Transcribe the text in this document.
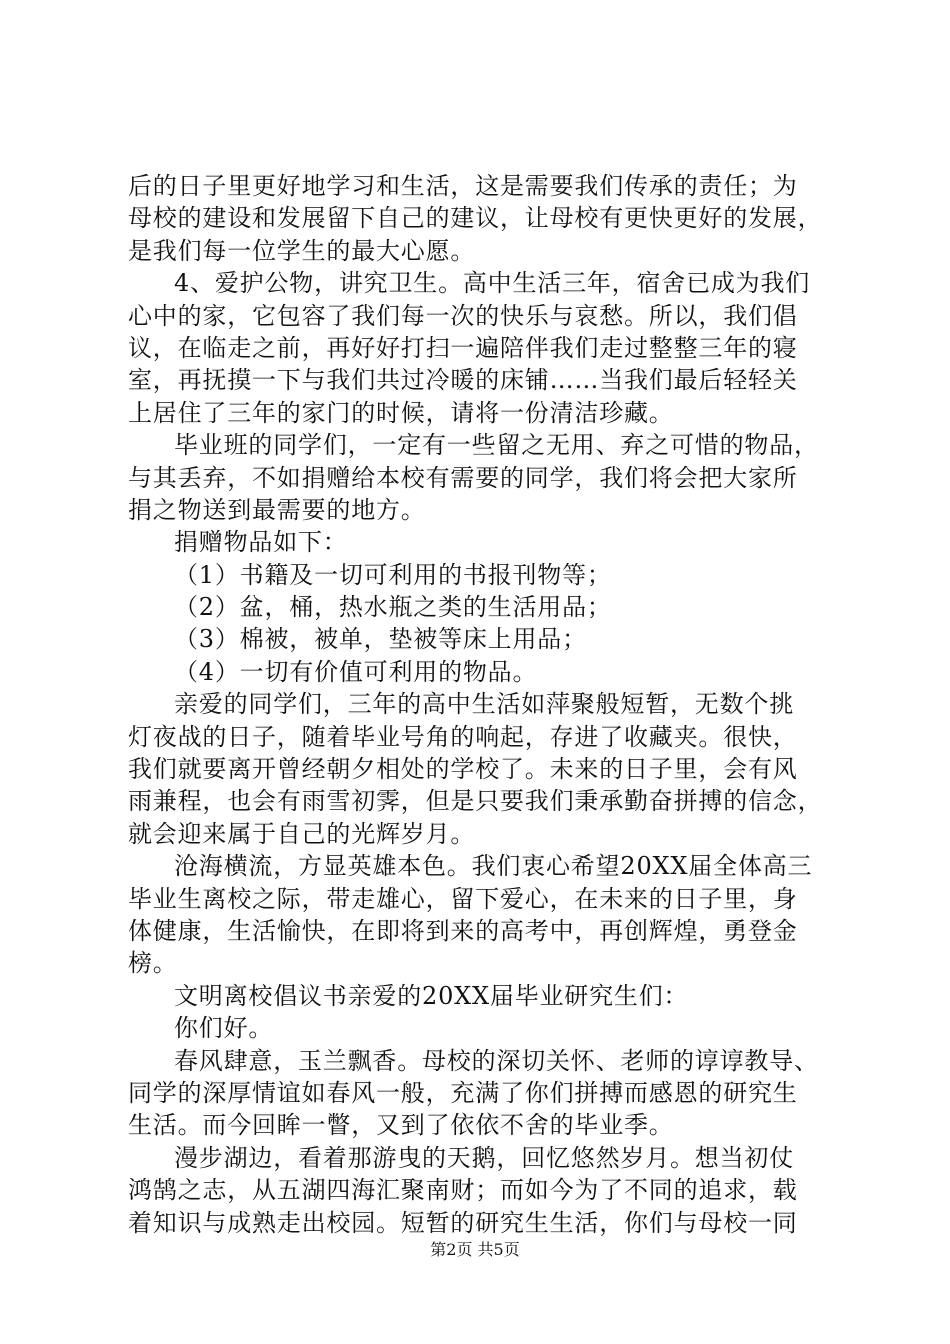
后的日子里更好地学习和生活，这是需要我们传承的责任；为
母校的建设和发展留下自己的建议，让母校有更快更好的发展，
是我们每一位学生的最大心愿。
4、爱护公物，讲究卫生。高中生活三年，宿舍已成为我们
心中的家，它包容了我们每一次的快乐与哀愁。所以，我们倡
议，在临走之前，再好好打扫一遍陪伴我们走过整整三年的寝
室，再抚摸一下与我们共过冷暖的床铺……当我们最后轻轻关
上居住了三年的家门的时候，请将一份清洁珍藏。
毕业班的同学们，一定有一些留之无用、弃之可惜的物品，
与其丢弃，不如捐赠给本校有需要的同学，我们将会把大家所
捐之物送到最需要的地方。
捐赠物品如下：
（1）书籍及一切可利用的书报刊物等；
（2）盆，桶，热水瓶之类的生活用品；
（3）棉被，被单，垫被等床上用品；
（4）一切有价值可利用的物品。
亲爱的同学们，三年的高中生活如萍聚般短暂，无数个挑
灯夜战的日子，随着毕业号角的响起，存进了收藏夹。很快，
我们就要离开曾经朝夕相处的学校了。未来的日子里，会有风
雨兼程，也会有雨雪初霁，但是只要我们秉承勤奋拼搏的信念，
就会迎来属于自己的光辉岁月。
沧海横流，方显英雄本色。我们衷心希望20XX届全体高三
毕业生离校之际，带走雄心，留下爱心，在未来的日子里，身
体健康，生活愉快，在即将到来的高考中，再创辉煌，勇登金
榜。
文明离校倡议书亲爱的20XX届毕业研究生们：
你们好。
春风肆意，玉兰飘香。母校的深切关怀、老师的谆谆教导、
同学的深厚情谊如春风一般，充满了你们拼搏而感恩的研究生
生活。而今回眸一瞥，又到了依依不舍的毕业季。
漫步湖边，看着那游曳的天鹅，回忆悠然岁月。想当初仗
鸿鹄之志，从五湖四海汇聚南财；而如今为了不同的追求，载
着知识与成熟走出校园。短暂的研究生生活，你们与母校一同
第2页 共5页
